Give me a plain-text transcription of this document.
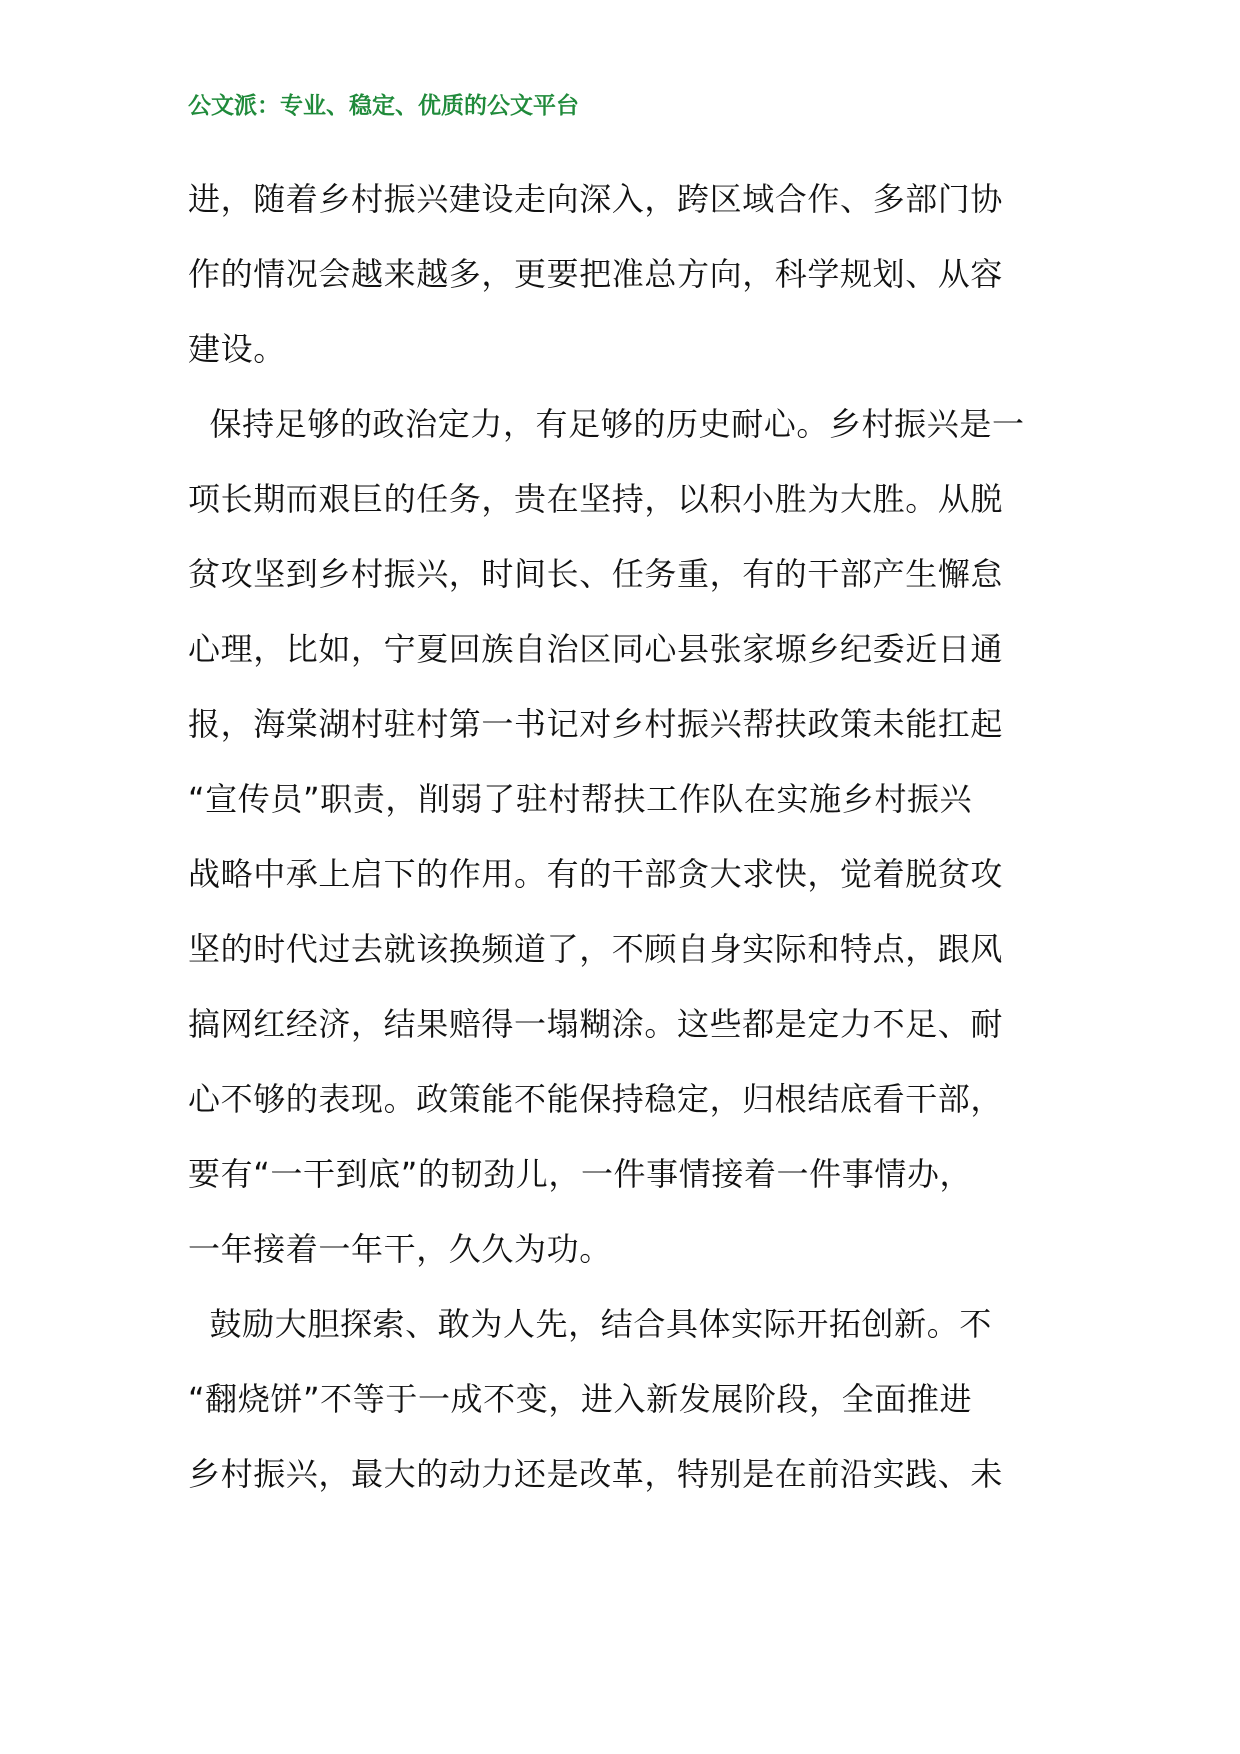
公文派：专业、稳定、优质的公文平台
进，随着乡村振兴建设走向深入，跨区域合作、多部门协
作的情况会越来越多，更要把准总方向，科学规划、从容
建设。
保持足够的政治定力，有足够的历史耐心。乡村振兴是一
项长期而艰巨的任务，贵在坚持，以积小胜为大胜。从脱
贫攻坚到乡村振兴，时间长、任务重，有的干部产生懈怠
心理，比如，宁夏回族自治区同心县张家塬乡纪委近日通
报，海棠湖村驻村第一书记对乡村振兴帮扶政策未能扛起
“宣传员”职责，削弱了驻村帮扶工作队在实施乡村振兴
战略中承上启下的作用。有的干部贪大求快，觉着脱贫攻
坚的时代过去就该换频道了，不顾自身实际和特点，跟风
搞网红经济，结果赔得一塌糊涂。这些都是定力不足、耐
心不够的表现。政策能不能保持稳定，归根结底看干部，
要有“一干到底”的韧劲儿，一件事情接着一件事情办，
一年接着一年干，久久为功。
鼓励大胆探索、敢为人先，结合具体实际开拓创新。不
“翻烧饼”不等于一成不变，进入新发展阶段，全面推进
乡村振兴，最大的动力还是改革，特别是在前沿实践、未
